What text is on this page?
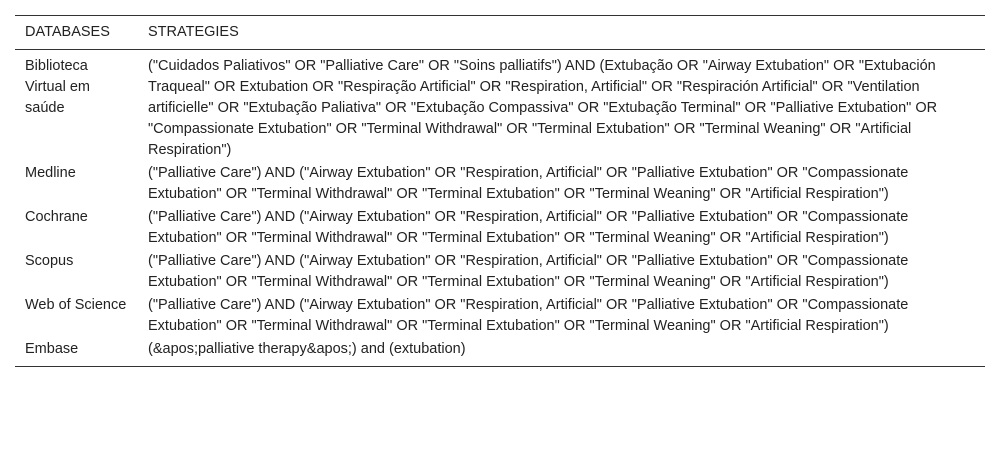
DATABASES	STRATEGIES
Biblioteca Virtual em saúde	("Cuidados Paliativos" OR "Palliative Care" OR "Soins palliatifs") AND (Extubação OR "Airway Extubation" OR "Extubación Traqueal" OR Extubation OR "Respiração Artificial" OR "Respiration, Artificial" OR "Respiración Artificial" OR "Ventilation artificielle" OR "Extubação Paliativa" OR "Extubação Compassiva" OR "Extubação Terminal" OR "Palliative Extubation" OR "Compassionate Extubation" OR "Terminal Withdrawal" OR "Terminal Extubation" OR "Terminal Weaning" OR "Artificial Respiration")
Medline	("Palliative Care") AND ("Airway Extubation" OR "Respiration, Artificial" OR "Palliative Extubation" OR "Compassionate Extubation" OR "Terminal Withdrawal" OR "Terminal Extubation" OR "Terminal Weaning" OR "Artificial Respiration")
Cochrane	("Palliative Care") AND ("Airway Extubation" OR "Respiration, Artificial" OR "Palliative Extubation" OR "Compassionate Extubation" OR "Terminal Withdrawal" OR "Terminal Extubation" OR "Terminal Weaning" OR "Artificial Respiration")
Scopus	("Palliative Care") AND ("Airway Extubation" OR "Respiration, Artificial" OR "Palliative Extubation" OR "Compassionate Extubation" OR "Terminal Withdrawal" OR "Terminal Extubation" OR "Terminal Weaning" OR "Artificial Respiration")
Web of Science	("Palliative Care") AND ("Airway Extubation" OR "Respiration, Artificial" OR "Palliative Extubation" OR "Compassionate Extubation" OR "Terminal Withdrawal" OR "Terminal Extubation" OR "Terminal Weaning" OR "Artificial Respiration")
Embase	(&apos;palliative therapy&apos;) and (extubation)
